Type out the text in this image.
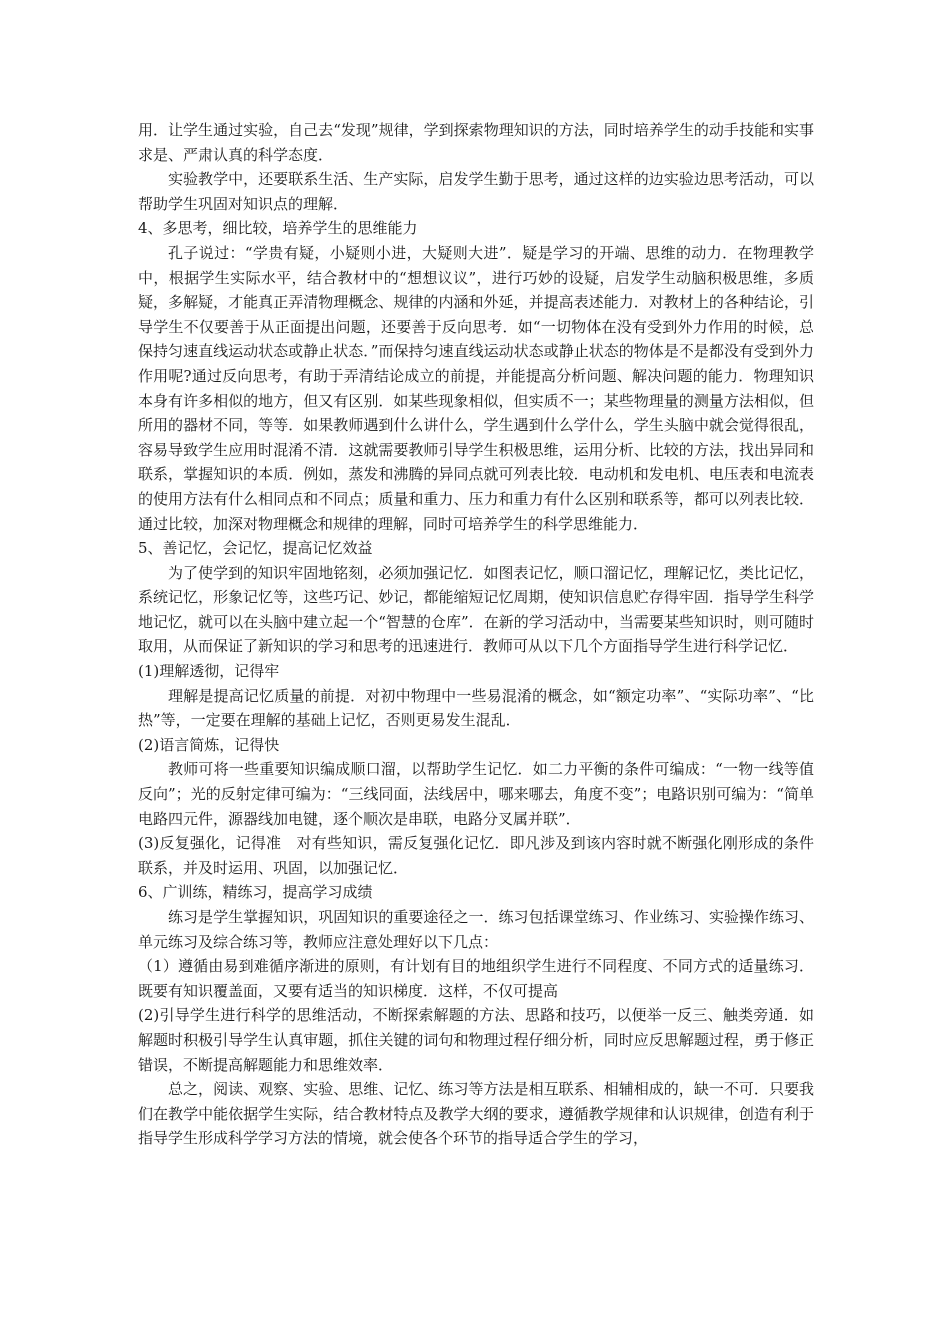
用．让学生通过实验，自己去“发现”规律，学到探索物理知识的方法，同时培养学生的动手技能和实事求是、严肃认真的科学态度．

实验教学中，还要联系生活、生产实际，启发学生勤于思考，通过这样的边实验边思考活动，可以帮助学生巩固对知识点的理解．

4、多思考，细比较，培养学生的思维能力

孔子说过：“学贵有疑，小疑则小进，大疑则大进”．疑是学习的开端、思维的动力．在物理教学中，根据学生实际水平，结合教材中的“想想议议”，进行巧妙的设疑，启发学生动脑积极思维，多质疑，多解疑，才能真正弄清物理概念、规律的内涵和外延，并提高表述能力．对教材上的各种结论，引导学生不仅要善于从正面提出问题，还要善于反向思考．如“一切物体在没有受到外力作用的时候，总保持匀速直线运动状态或静止状态．”而保持匀速直线运动状态或静止状态的物体是不是都没有受到外力作用呢?通过反向思考，有助于弄清结论成立的前提，并能提高分析问题、解决问题的能力．物理知识本身有许多相似的地方，但又有区别．如某些现象相似，但实质不一；某些物理量的测量方法相似，但所用的器材不同，等等．如果教师遇到什么讲什么，学生遇到什么学什么，学生头脑中就会觉得很乱，容易导致学生应用时混淆不清．这就需要教师引导学生积极思维，运用分析、比较的方法，找出异同和联系，掌握知识的本质．例如，蒸发和沸腾的异同点就可列表比较．电动机和发电机、电压表和电流表的使用方法有什么相同点和不同点；质量和重力、压力和重力有什么区别和联系等，都可以列表比较．通过比较，加深对物理概念和规律的理解，同时可培养学生的科学思维能力．

5、善记忆，会记忆，提高记忆效益

为了使学到的知识牢固地铭刻，必须加强记忆．如图表记忆，顺口溜记忆，理解记忆，类比记忆，系统记忆，形象记忆等，这些巧记、妙记，都能缩短记忆周期，使知识信息贮存得牢固．指导学生科学地记忆，就可以在头脑中建立起一个“智慧的仓库”．在新的学习活动中，当需要某些知识时，则可随时取用，从而保证了新知识的学习和思考的迅速进行．教师可从以下几个方面指导学生进行科学记忆．

(1)理解透彻，记得牢

理解是提高记忆质量的前提．对初中物理中一些易混淆的概念，如“额定功率”、“实际功率”、“比热”等，一定要在理解的基础上记忆，否则更易发生混乱．

(2)语言简炼，记得快

教师可将一些重要知识编成顺口溜，以帮助学生记忆．如二力平衡的条件可编成：“一物一线等值反向”；光的反射定律可编为：“三线同面，法线居中，哪来哪去，角度不变”；电路识别可编为：“简单电路四元件，源器线加电键，逐个顺次是串联，电路分叉属并联”．

(3)反复强化，记得准　对有些知识，需反复强化记忆．即凡涉及到该内容时就不断强化刚形成的条件联系，并及时运用、巩固，以加强记忆．

6、广训练，精练习，提高学习成绩

练习是学生掌握知识，巩固知识的重要途径之一．练习包括课堂练习、作业练习、实验操作练习、单元练习及综合练习等，教师应注意处理好以下几点：

（1）遵循由易到难循序渐进的原则，有计划有目的地组织学生进行不同程度、不同方式的适量练习．既要有知识覆盖面，又要有适当的知识梯度．这样，不仅可提高

(2)引导学生进行科学的思维活动，不断探索解题的方法、思路和技巧，以便举一反三、触类旁通．如解题时积极引导学生认真审题，抓住关键的词句和物理过程仔细分析，同时应反思解题过程，勇于修正错误，不断提高解题能力和思维效率．

总之，阅读、观察、实验、思维、记忆、练习等方法是相互联系、相辅相成的，缺一不可．只要我们在教学中能依据学生实际，结合教材特点及教学大纲的要求，遵循教学规律和认识规律，创造有利于指导学生形成科学学习方法的情境，就会使各个环节的指导适合学生的学习，
